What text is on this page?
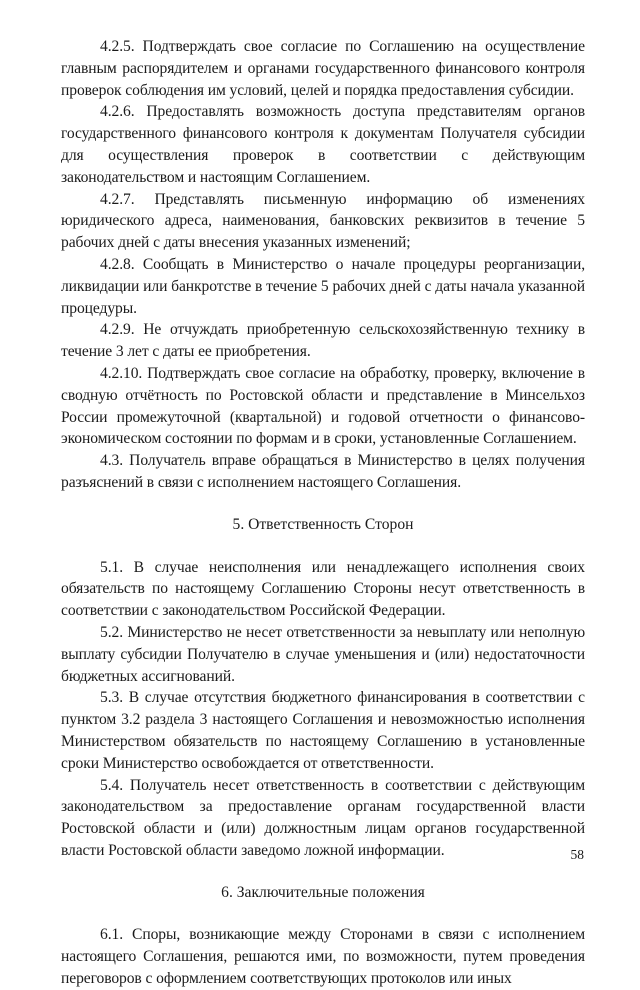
4.2.5. Подтверждать свое согласие по Соглашению на осуществление главным распорядителем и органами государственного финансового контроля проверок соблюдения им условий, целей и порядка предоставления субсидии.

4.2.6. Предоставлять возможность доступа представителям органов государственного финансового контроля к документам Получателя субсидии для осуществления проверок в соответствии с действующим законодательством и настоящим Соглашением.

4.2.7. Представлять письменную информацию об изменениях юридического адреса, наименования, банковских реквизитов в течение 5 рабочих дней с даты внесения указанных изменений;

4.2.8. Сообщать в Министерство о начале процедуры реорганизации, ликвидации или банкротстве в течение 5 рабочих дней с даты начала указанной процедуры.

4.2.9. Не отчуждать приобретенную сельскохозяйственную технику в течение 3 лет с даты ее приобретения.

4.2.10. Подтверждать свое согласие на обработку, проверку, включение в сводную отчётность по Ростовской области и представление в Минсельхоз России промежуточной (квартальной) и годовой отчетности о финансово-экономическом состоянии по формам и в сроки, установленные Соглашением.

4.3. Получатель вправе обращаться в Министерство в целях получения разъяснений в связи с исполнением настоящего Соглашения.

5. Ответственность Сторон

5.1. В случае неисполнения или ненадлежащего исполнения своих обязательств по настоящему Соглашению Стороны несут ответственность в соответствии с законодательством Российской Федерации.

5.2. Министерство не несет ответственности за невыплату или неполную выплату субсидии Получателю в случае уменьшения и (или) недостаточности бюджетных ассигнований.

5.3. В случае отсутствия бюджетного финансирования в соответствии с пунктом 3.2 раздела 3 настоящего Соглашения и невозможностью исполнения Министерством обязательств по настоящему Соглашению в установленные сроки Министерство освобождается от ответственности.

5.4. Получатель несет ответственность в соответствии с действующим законодательством за предоставление органам государственной власти Ростовской области и (или) должностным лицам органов государственной власти Ростовской области заведомо ложной информации.

6. Заключительные положения

6.1. Споры, возникающие между Сторонами в связи с исполнением настоящего Соглашения, решаются ими, по возможности, путем проведения переговоров с оформлением соответствующих протоколов или иных

58
